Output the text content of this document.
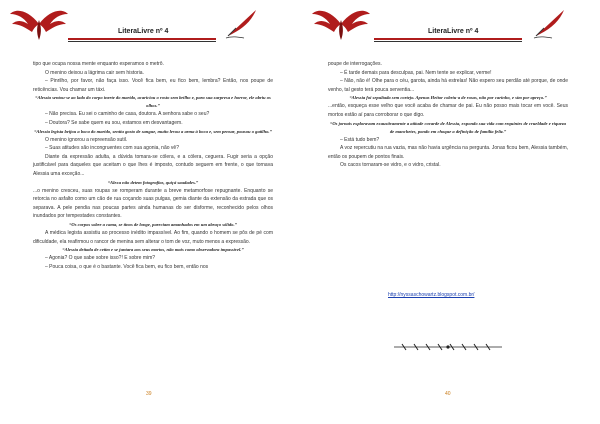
LiteraLivre nº 4

tipo que ocupa nossa mente enquanto esperamos o metrô.

O menino deixou a lágrima cair sem historia.

– Pinrilho, por favor, não faça isso. Você fica bem, eu fico bem, lembra? Então, nos poupe de reticências. Vou chamar um táxi.

“Alessia sentou-se ao lado do corpo inerte do marido, acariciou o rosto sem brilho e, para sua surpresa e horror, ele abriu os olhos.”

– Não precisa. Eu sei o caminho de casa, doutora. A senhora sabe o seu?

– Doutora? Se sabe quem eu sou, estamos em desvantagem.

“Alessia legista beijou a boca do marido, sentiu gosto de sangue, muito levou a arma à boca e, sem pensar, pousou o gatilho.”

O menino ignorou a repreensão sutil.

– Suas atitudes são incongruentes com sua agonia, não vê?

Diante da expressão adulta, a dúvida tomara-se cólera, e a cólera, ceguera. Fugir seria a opção justificável para daqueles que aceitam o que lhes é imposto, contudo seguem em frente, o que tornava Alessia uma exceção...

“Alexa não detem fotografias, quiçá saudades.”

...o menino cresceu, suas roupas se romperam durante a breve metamorfose repugnante. Enquanto se retorcia no asfalto como um cão de rua coçando suas pulgas, gemia diante da extensão da estrada que os separava. A pele pendia nas poucas partes ainda humanas do ser disforme, reconhecido pelos olhos inundados por tempestades constantes.

“Os corpos sobre a cama, se tinos de longe, pareciam amanhados em um abraço sólido.”

A médica legista assistiu ao processo inédito impassível. Ao fim, quando o homem se pôs de pé com dificuldade, ela reafirmou o rancor de menina sem alterar o tom de voz, muto menos a expressão.

“Alessia deitada de cetim e se juntara aos seus mortos, não mais como observadora impassível.”

– Agonia? O que sabe sobre isso?! E sobre mim?

– Pouca coisa, o que é o bastante. Você fica bem, eu fico bem, então nos

39
LiteraLivre nº 4

poupe de interrogações.

– É tarde demais para desculpas, pai. Nem tente se explicar, verme!

– Não, não é! Olhe para o céu, garota, ainda há estrelas! Não espero seu perdão até porque, de onde venho, tal gesto terá pouca serventia...

“Alessia foi sepultada sem cortejo. Apenas Heitor cobriu-a de rosas, não por carinho, e sim por apreço.”

...então, esqueça esse velho que você acaba de chamar de pai. Eu não posso mais tocar em você. Seus mortos estão aí para corroborar o que digo.

“Os jornais exploravam exaustivamente a atitude covarde de Alessia, expondo sua vida com requintes de crueldade e riqueza de manchetes, pondo em choque a definição de família feliz.”

– Está tudo bem?

A voz repercutiu na rua vazia, mas não havia urgência na pergunta. Jonas ficou bem, Alessia também, então os poupem de pontos finais.

Os cacos tornaram-se vidro, e o vidro, cristal.

http://nyssaschowartz.blogspot.com.br/
40
